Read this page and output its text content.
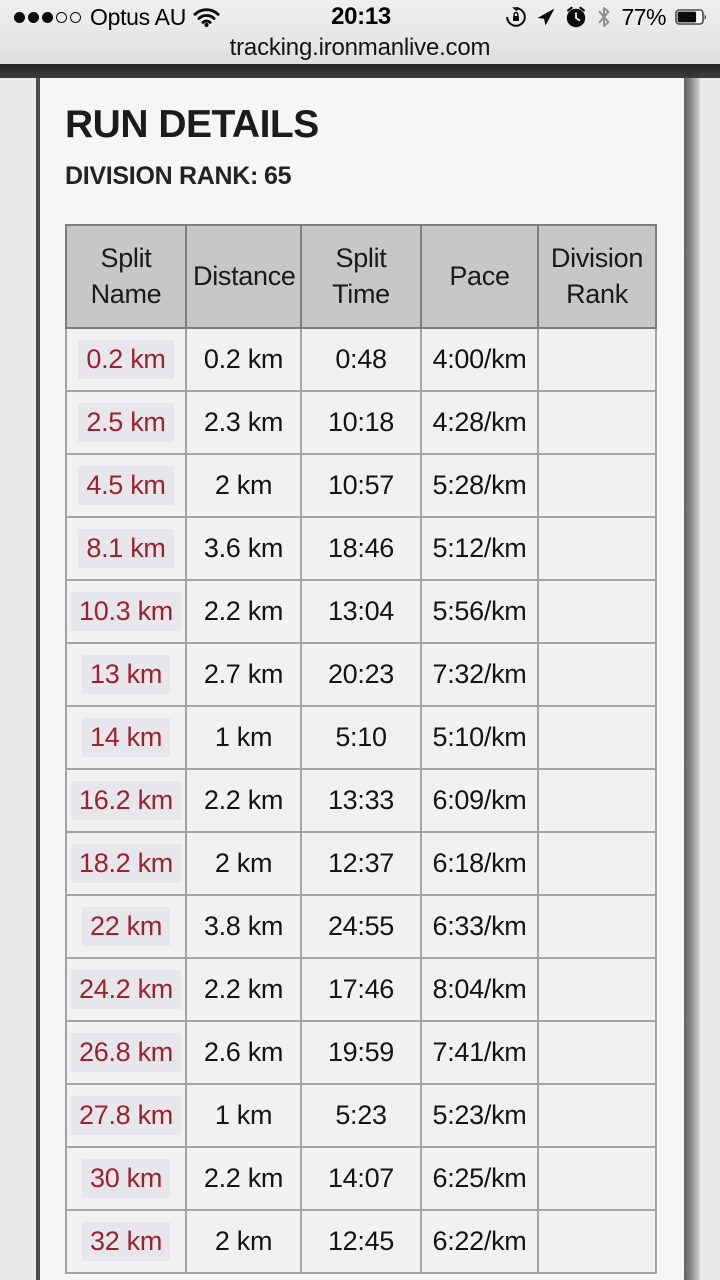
Optus AU	20:13	77%
tracking.ironmanlive.com
RUN DETAILS
DIVISION RANK: 65
Split Name	Distance	Split Time	Pace	Division Rank
0.2 km	0.2 km	0:48	4:00/km	
2.5 km	2.3 km	10:18	4:28/km	
4.5 km	2 km	10:57	5:28/km	
8.1 km	3.6 km	18:46	5:12/km	
10.3 km	2.2 km	13:04	5:56/km	
13 km	2.7 km	20:23	7:32/km	
14 km	1 km	5:10	5:10/km	
16.2 km	2.2 km	13:33	6:09/km	
18.2 km	2 km	12:37	6:18/km	
22 km	3.8 km	24:55	6:33/km	
24.2 km	2.2 km	17:46	8:04/km	
26.8 km	2.6 km	19:59	7:41/km	
27.8 km	1 km	5:23	5:23/km	
30 km	2.2 km	14:07	6:25/km	
32 km	2 km	12:45	6:22/km	
